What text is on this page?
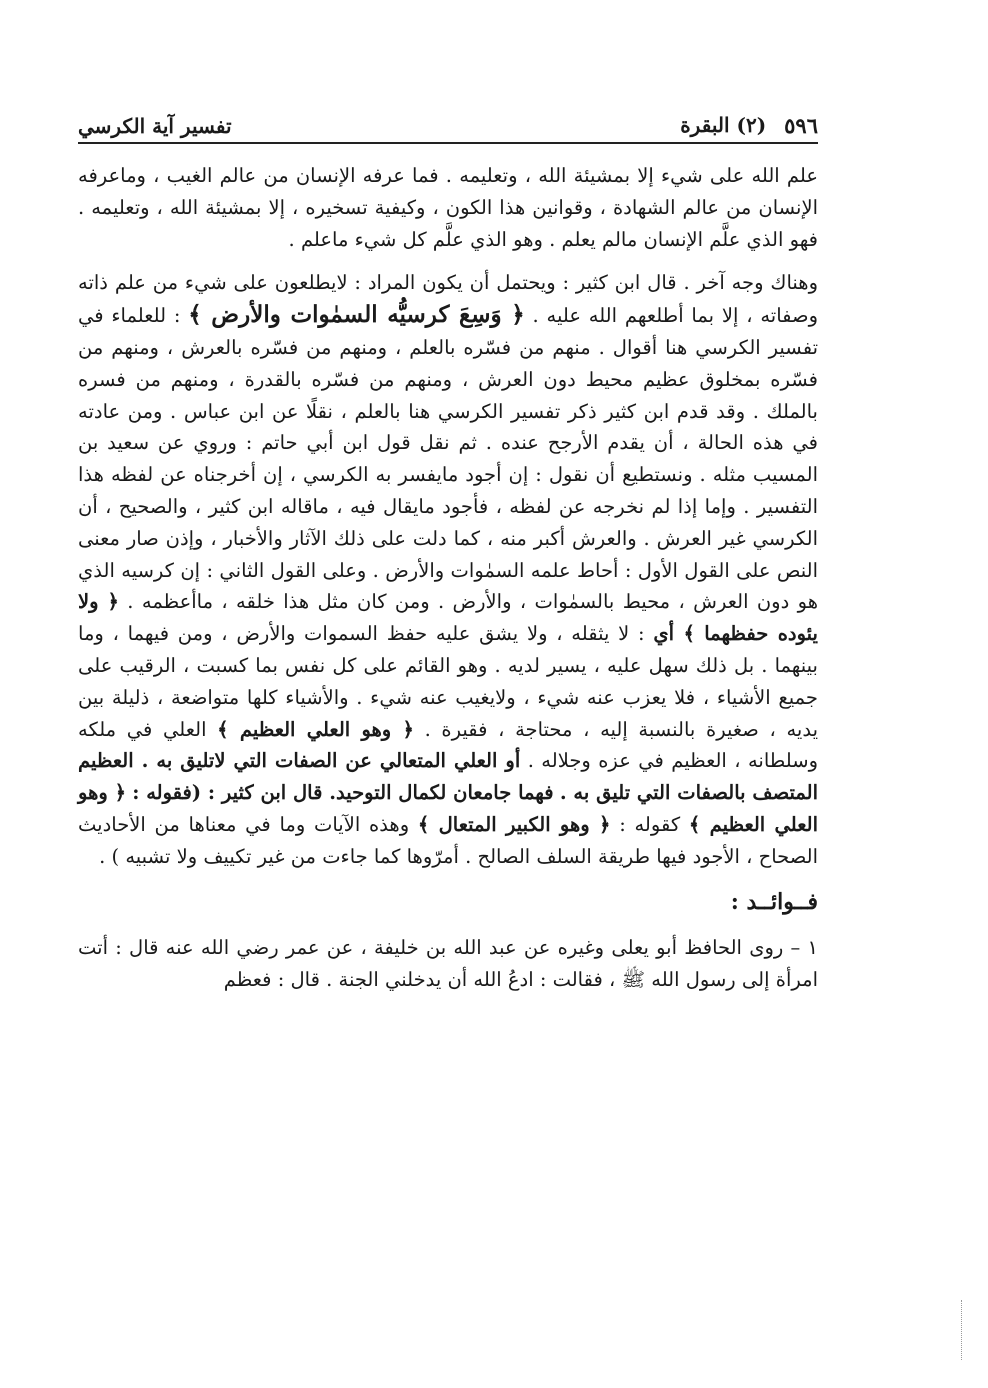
٥٩٦
(٢) البقرة
تفسير آية الكرسي

علم الله على شيء إلا بمشيئة الله ، وتعليمه . فما عرفه الإنسان من عالم الغيب ، وماعرفه الإنسان من عالم الشهادة ، وقوانين هذا الكون ، وكيفية تسخيره ، إلا بمشيئة الله ، وتعليمه . فهو الذي علَّم الإنسان مالم يعلم . وهو الذي علَّم كل شيء ماعلم .

وهناك وجه آخر . قال ابن كثير : ويحتمل أن يكون المراد : لايطلعون على شيء من علم ذاته وصفاته ، إلا بما أطلعهم الله عليه . ﴿ وَسِعَ كرسيُّه السمٰوات والأرض ﴾ : للعلماء في تفسير الكرسي هنا أقوال . منهم من فسّره بالعلم ، ومنهم من فسّره بالعرش ، ومنهم من فسّره بمخلوق عظيم محيط دون العرش ، ومنهم من فسّره بالقدرة ، ومنهم من فسره بالملك . وقد قدم ابن كثير ذكر تفسير الكرسي هنا بالعلم ، نقلًا عن ابن عباس . ومن عادته في هذه الحالة ، أن يقدم الأرجح عنده . ثم نقل قول ابن أبي حاتم : وروي عن سعيد بن المسيب مثله . ونستطيع أن نقول : إن أجود مايفسر به الكرسي ، إن أخرجناه عن لفظه هذا التفسير . وإما إذا لم نخرجه عن لفظه ، فأجود مايقال فيه ، ماقاله ابن كثير ، والصحيح ، أن الكرسي غير العرش . والعرش أكبر منه ، كما دلت على ذلك الآثار والأخبار ، وإذن صار معنى النص على القول الأول : أحاط علمه السمٰوات والأرض . وعلى القول الثاني : إن كرسيه الذي هو دون العرش ، محيط بالسمٰوات ، والأرض . ومن كان مثل هذا خلقه ، ماأعظمه . ﴿ ولا يئوده حفظهما ﴾ أي : لا يثقله ، ولا يشق عليه حفظ السموات والأرض ، ومن فيهما ، وما بينهما . بل ذلك سهل عليه ، يسير لديه . وهو القائم على كل نفس بما كسبت ، الرقيب على جميع الأشياء ، فلا يعزب عنه شيء ، ولايغيب عنه شيء . والأشياء كلها متواضعة ، ذليلة بين يديه ، صغيرة بالنسبة إليه ، محتاجة ، فقيرة . ﴿ وهو العلي العظيم ﴾ العلي في ملكه وسلطانه ، العظيم في عزه وجلاله . أو العلي المتعالي عن الصفات التي لاتليق به . العظيم المتصف بالصفات التي تليق به . فهما جامعان لكمال التوحيد. قال ابن كثير : (فقوله : ﴿ وهو العلي العظيم ﴾ كقوله : ﴿ وهو الكبير المتعال ﴾ وهذه الآيات وما في معناها من الأحاديث الصحاح ، الأجود فيها طريقة السلف الصالح . أمرّوها كما جاءت من غير تكييف ولا تشبيه ) .

فــوائــد :

١ – روى الحافظ أبو يعلى وغيره عن عبد الله بن خليفة ، عن عمر رضي الله عنه قال : أتت امرأة إلى رسول الله ﷺ ، فقالت : ادعُ الله أن يدخلني الجنة . قال : فعظم
